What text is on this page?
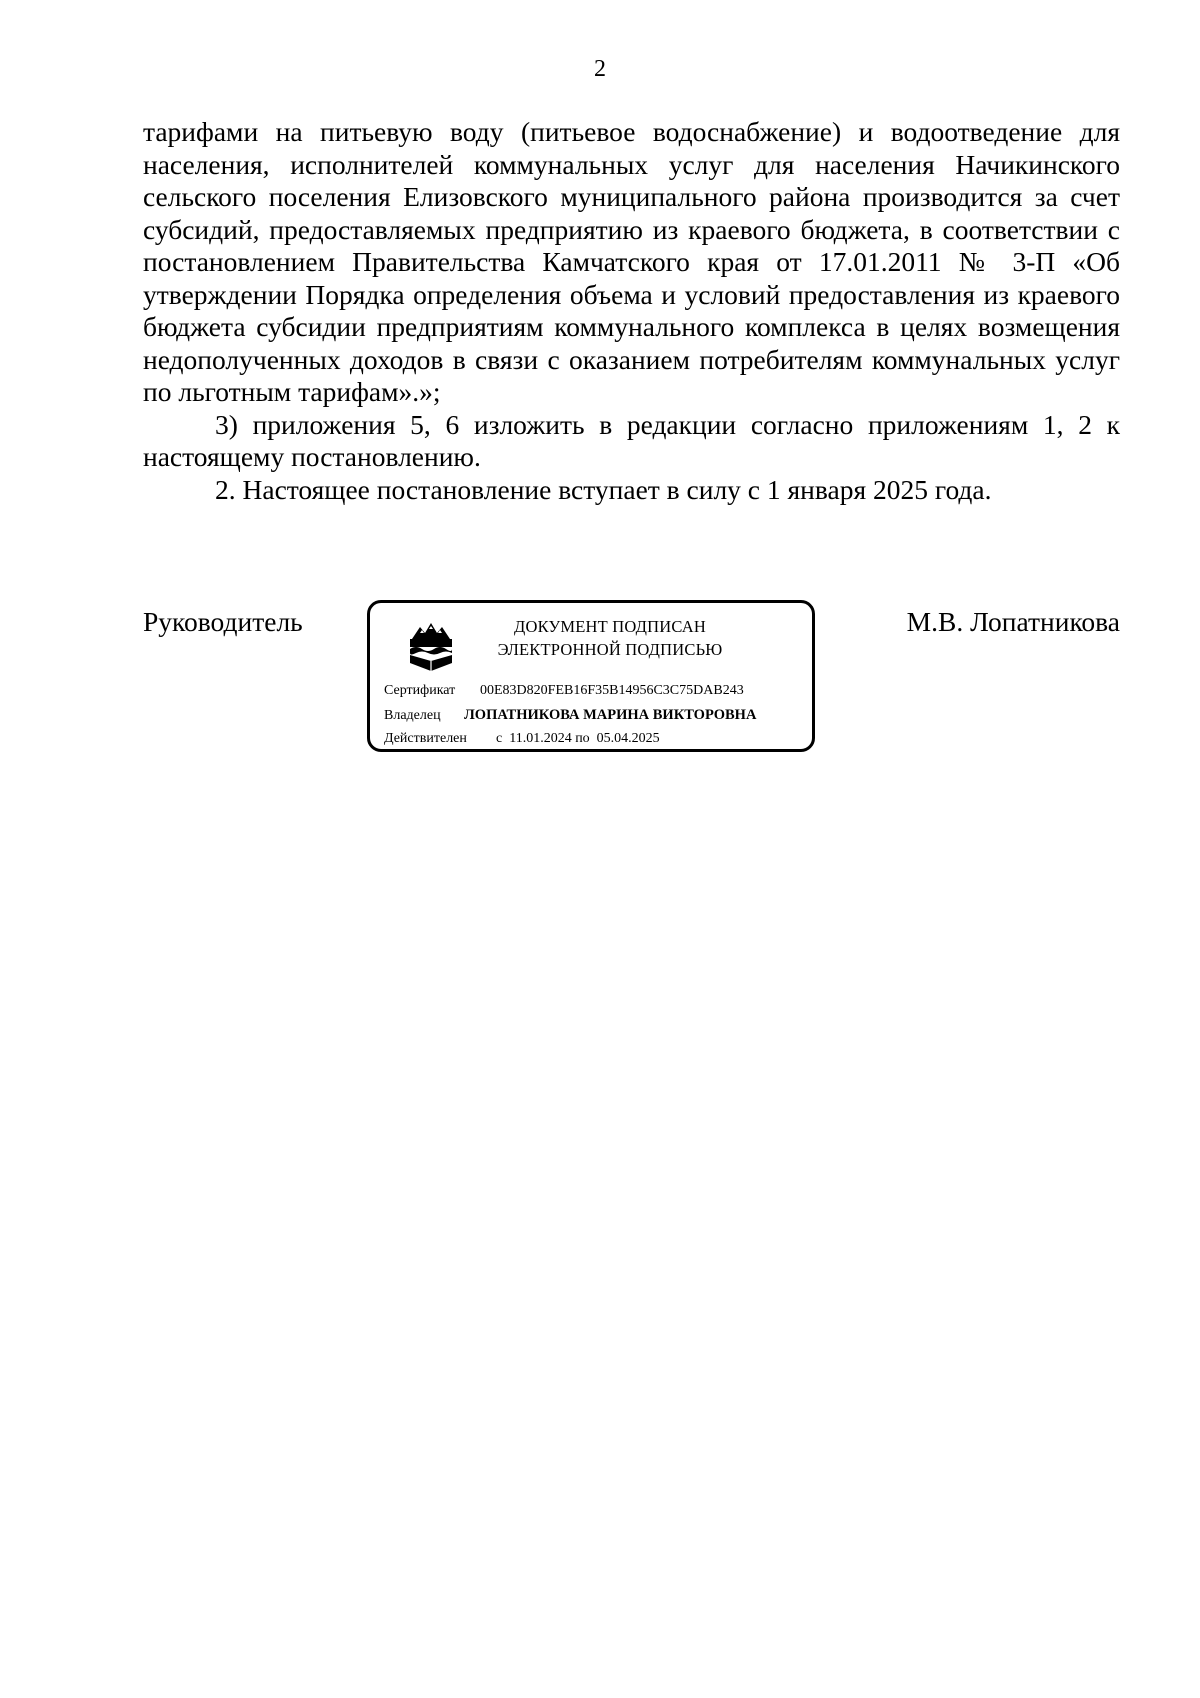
2

тарифами на питьевую воду (питьевое водоснабжение) и водоотведение для населения, исполнителей коммунальных услуг для населения Начикинского сельского поселения Елизовского муниципального района производится за счет субсидий, предоставляемых предприятию из краевого бюджета, в соответствии с постановлением Правительства Камчатского края от 17.01.2011 № 3-П «Об утверждении Порядка определения объема и условий предоставления из краевого бюджета субсидии предприятиям коммунального комплекса в целях возмещения недополученных доходов в связи с оказанием потребителям коммунальных услуг по льготным тарифам».»;

3) приложения 5, 6 изложить в редакции согласно приложениям 1, 2 к настоящему постановлению.

2. Настоящее постановление вступает в силу с 1 января 2025 года.

Руководитель	ДОКУМЕНТ ПОДПИСАН
ЭЛЕКТРОННОЙ ПОДПИСЬЮ
Сертификат 00E83D820FEB16F35B14956C3C75DAB243
Владелец ЛОПАТНИКОВА МАРИНА ВИКТОРОВНА
Действителен с  11.01.2024 по  05.04.2025
М.В. Лопатникова
